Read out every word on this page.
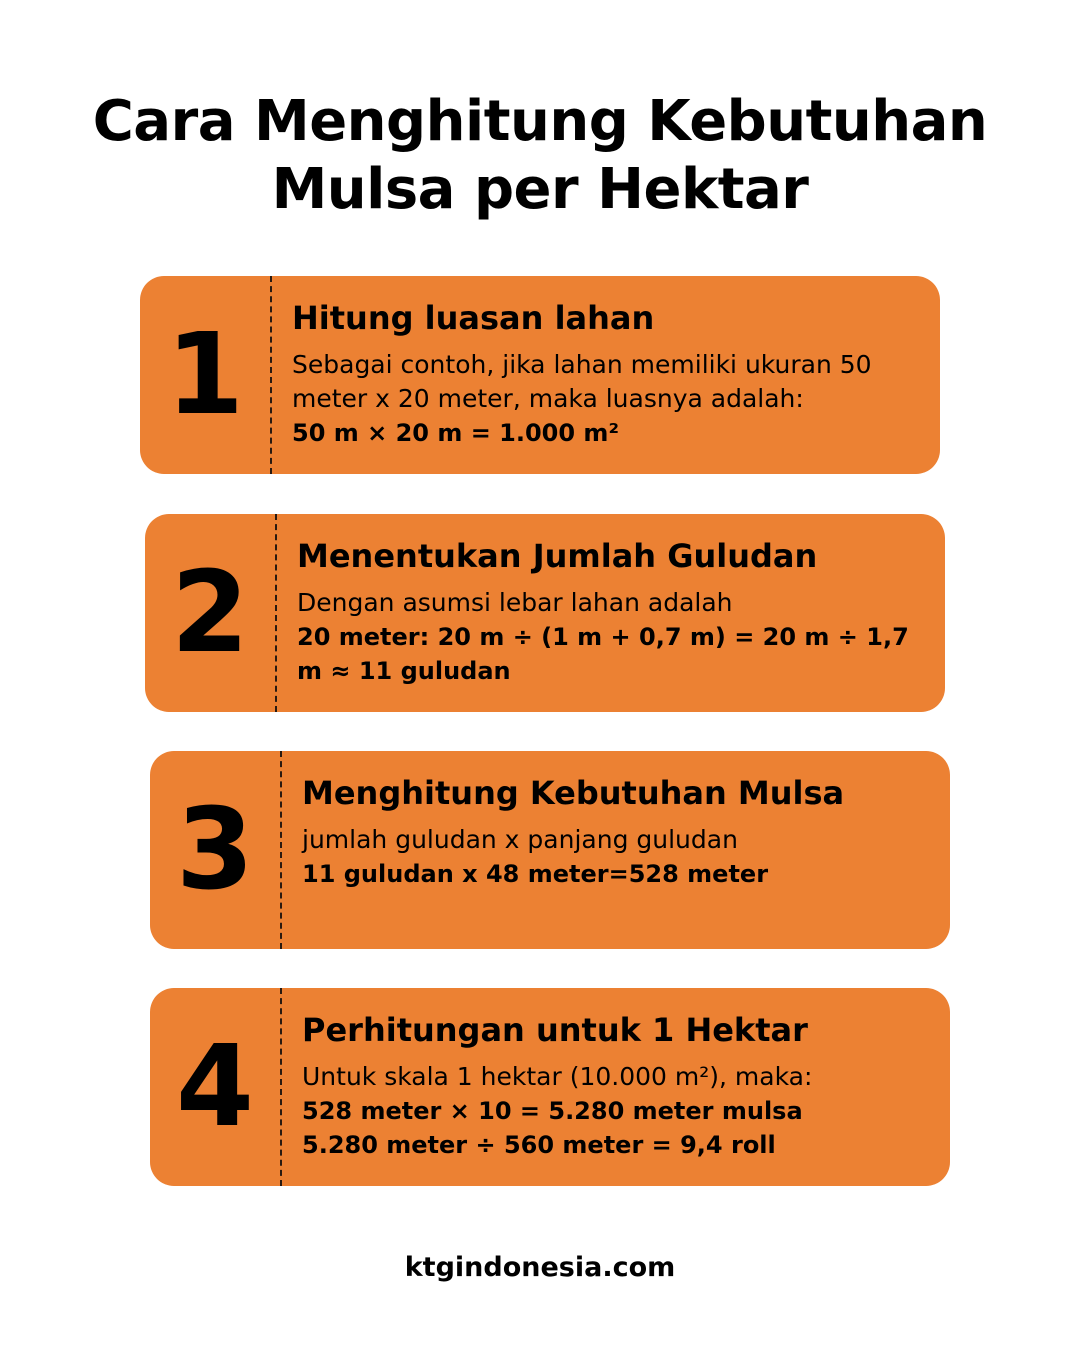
Cara Menghitung Kebutuhan
Mulsa per Hektar
1	Hitung luasan lahan
Sebagai contoh, jika lahan memiliki ukuran 50 meter x 20 meter, maka luasnya adalah:
50 m × 20 m = 1.000 m²
2	Menentukan Jumlah Guludan
Dengan asumsi lebar lahan adalah
20 meter: 20 m ÷ (1 m + 0,7 m) = 20 m ÷ 1,7 m ≈ 11 guludan
3	Menghitung Kebutuhan Mulsa
jumlah guludan x panjang guludan
11 guludan x 48 meter=528 meter
4	Perhitungan untuk 1 Hektar
Untuk skala 1 hektar (10.000 m²), maka:
528 meter × 10 = 5.280 meter mulsa
5.280 meter ÷ 560 meter = 9,4 roll
ktgindonesia.com
